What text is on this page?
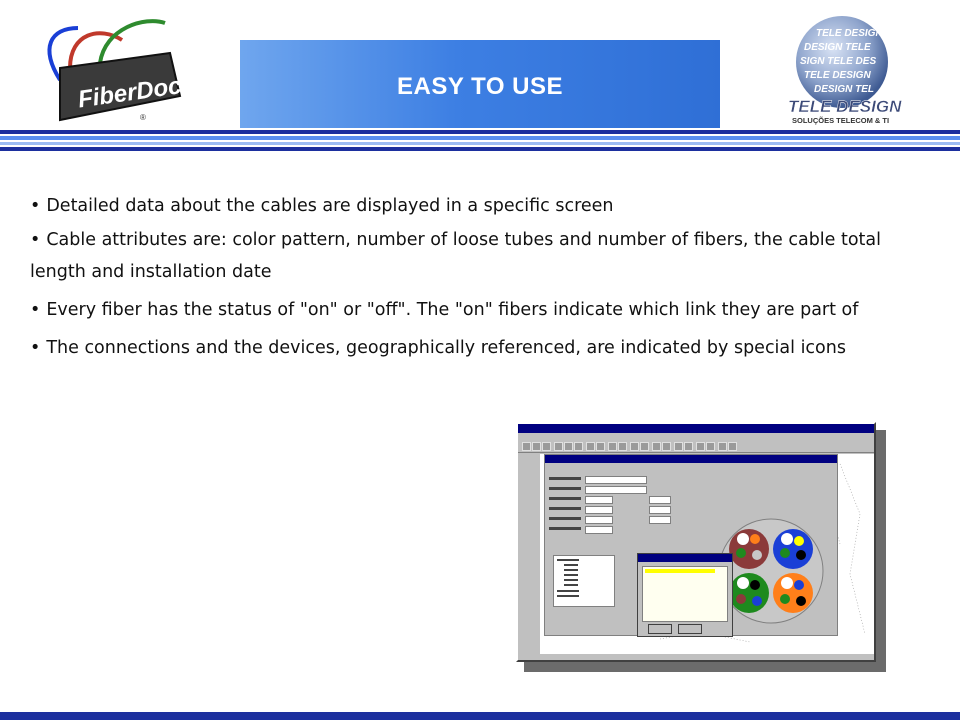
FiberDoc
®
EASY TO USE
TELE DESIGN
DESIGN TELE
SIGN TELE DES
TELE DESIGN
DESIGN TEL
TELE DESIGN
SOLUÇÕES TELECOM & TI
• Detailed data about the cables are displayed in a specific screen
• Cable attributes are: color pattern, number of loose tubes and number of fibers, the cable total length and installation date
• Every fiber has the status of "on" or "off". The "on" fibers indicate which link they are part of
• The connections and the devices, geographically referenced, are indicated by special icons
